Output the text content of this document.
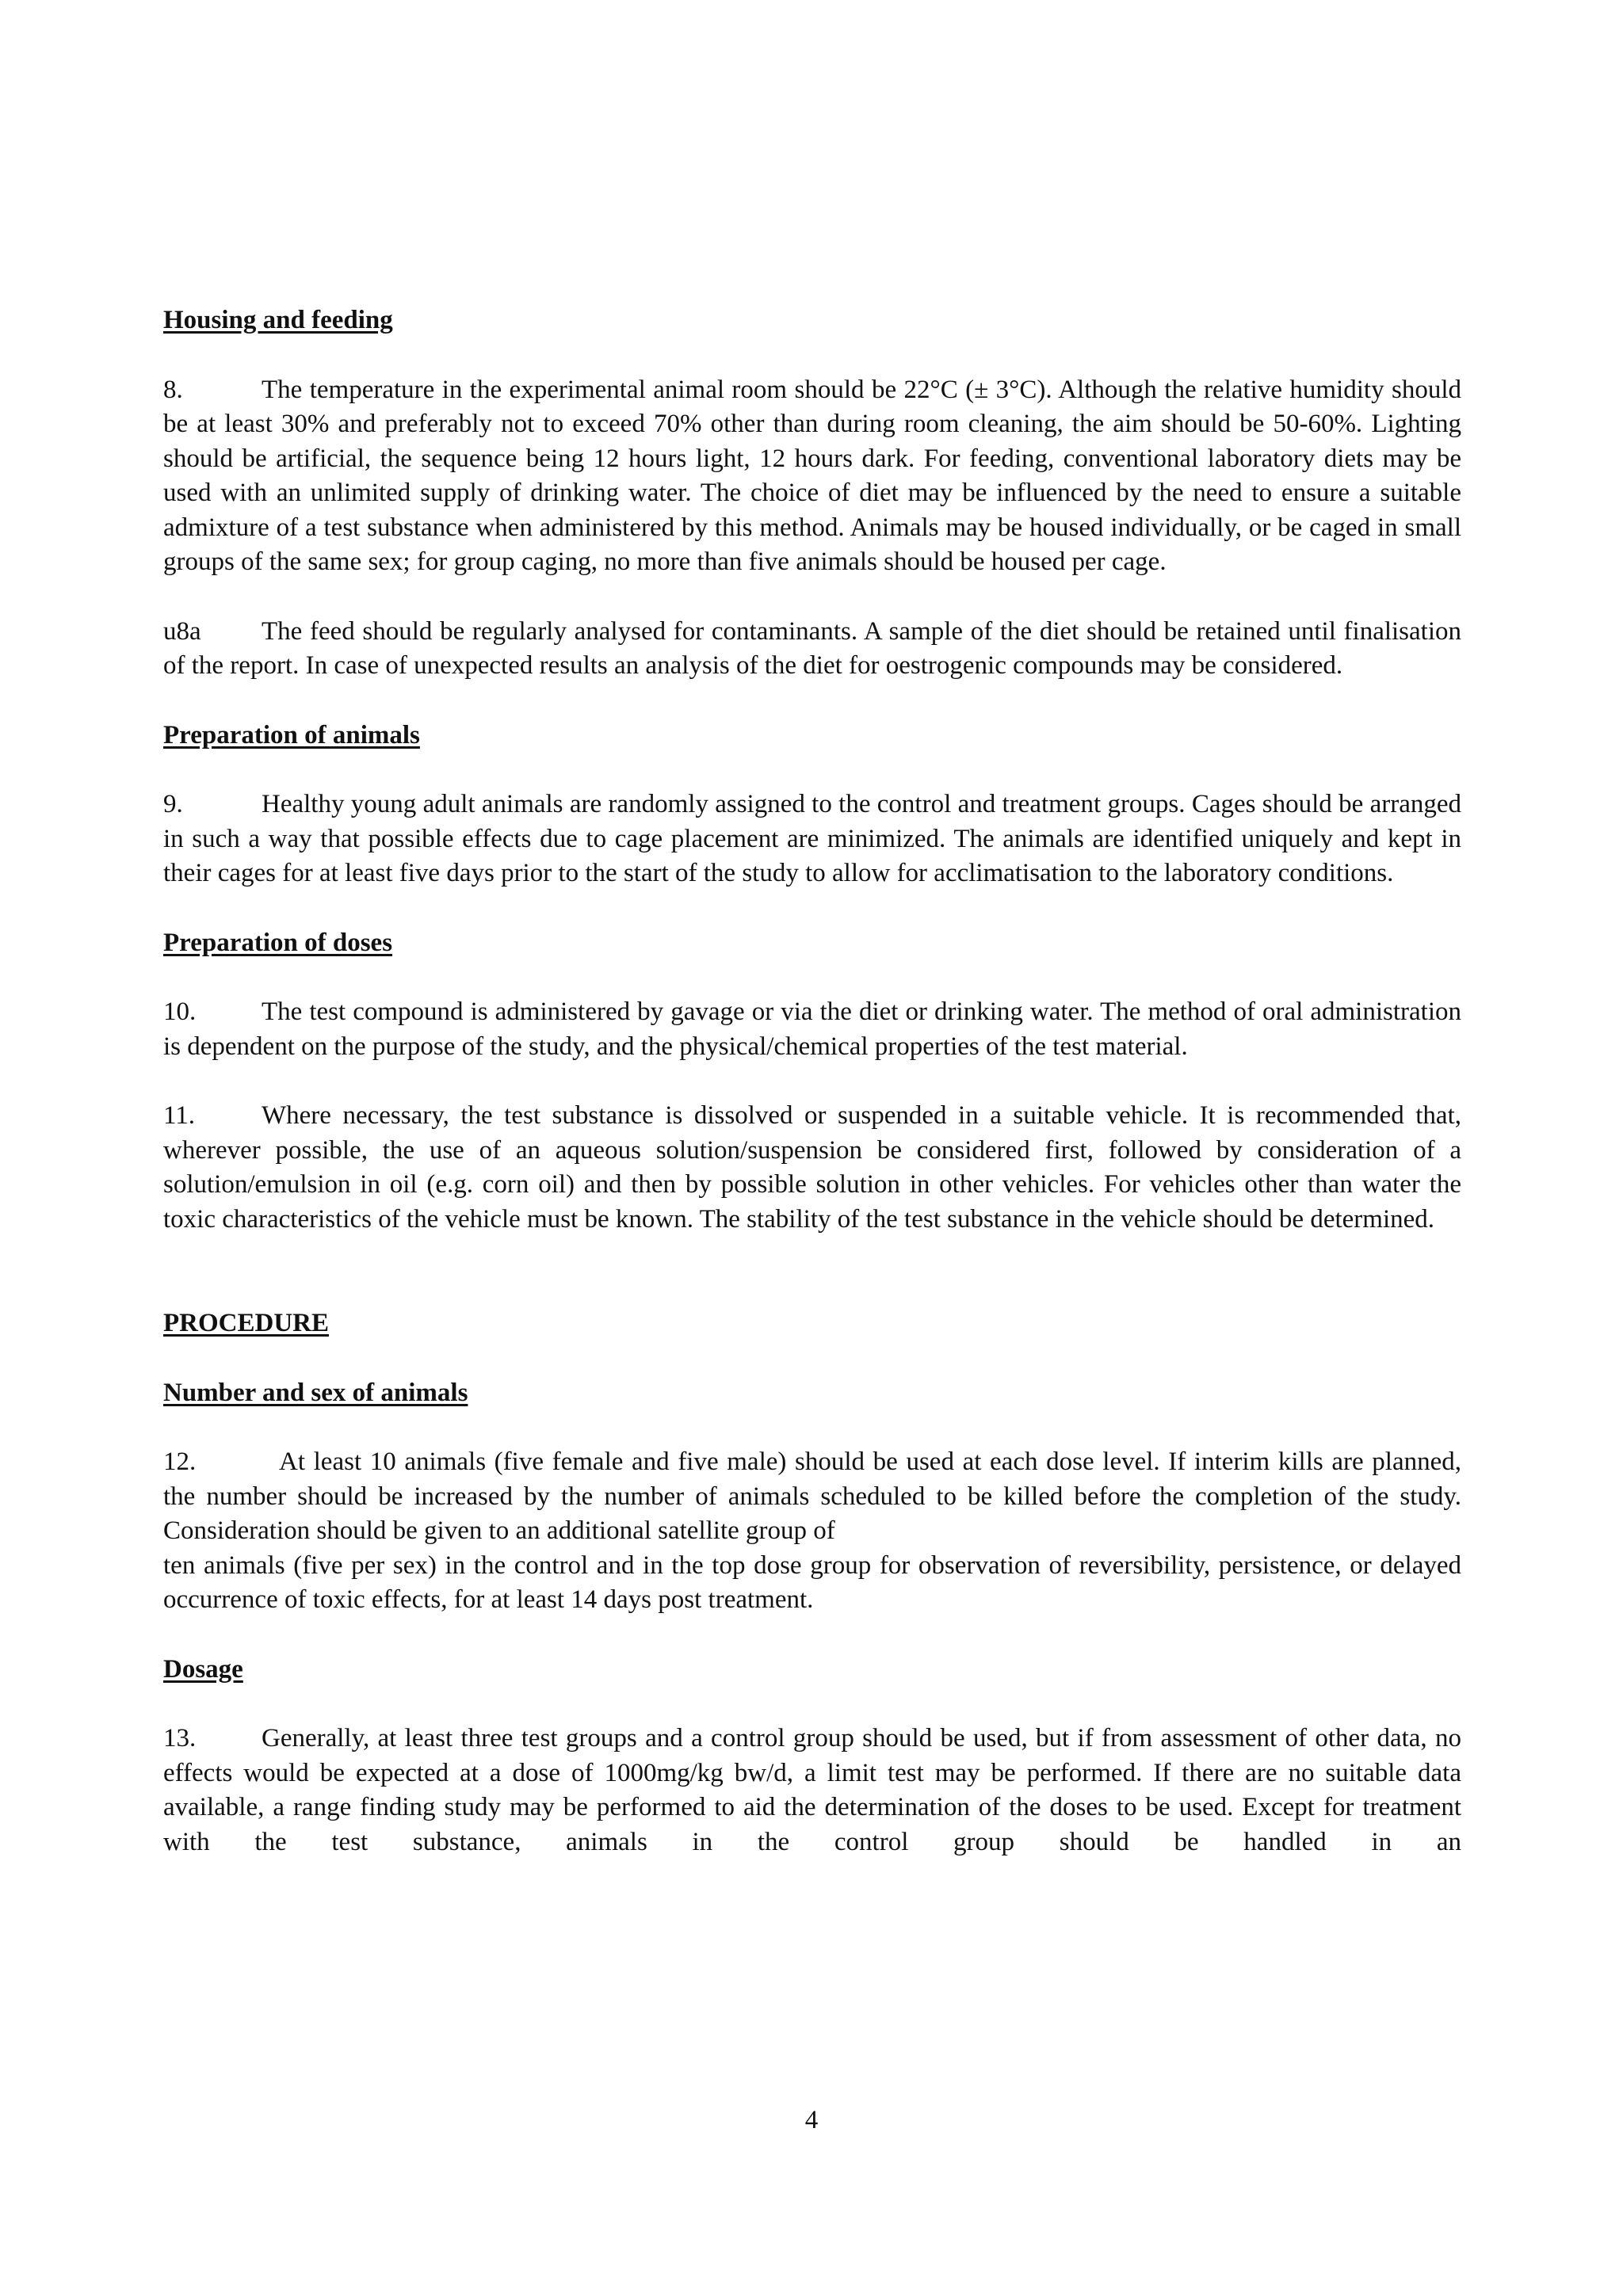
Housing and feeding

8.	The temperature in the experimental animal room should be 22°C (± 3°C). Although the relative humidity should be at least 30% and preferably not to exceed 70% other than during room cleaning, the aim should be 50-60%. Lighting should be artificial, the sequence being 12 hours light, 12 hours dark. For feeding, conventional laboratory diets may be used with an unlimited supply of drinking water. The choice of diet may be influenced by the need to ensure a suitable admixture of a test substance when administered by this method. Animals may be housed individually, or be caged in small groups of the same sex; for group caging, no more than five animals should be housed per cage.

u8a The feed should be regularly analysed for contaminants. A sample of the diet should be retained until finalisation of the report. In case of unexpected results an analysis of the diet for oestrogenic compounds may be considered.

Preparation of animals

9.	Healthy young adult animals are randomly assigned to the control and treatment groups. Cages should be arranged in such a way that possible effects due to cage placement are minimized. The animals are identified uniquely and kept in their cages for at least five days prior to the start of the study to allow for acclimatisation to the laboratory conditions.

Preparation of doses

10.	The test compound is administered by gavage or via the diet or drinking water. The method of oral administration is dependent on the purpose of the study, and the physical/chemical properties of the test material.

11.	Where necessary, the test substance is dissolved or suspended in a suitable vehicle. It is recommended that, wherever possible, the use of an aqueous solution/suspension be considered first, followed by consideration of a solution/emulsion in oil (e.g. corn oil) and then by possible solution in other vehicles. For vehicles other than water the toxic characteristics of the vehicle must be known. The stability of the test substance in the vehicle should be determined.

PROCEDURE
Number and sex of animals

12.	At least 10 animals (five female and five male) should be used at each dose level. If interim kills are planned, the number should be increased by the number of animals scheduled to be killed before the completion of the study. Consideration should be given to an additional satellite group of
ten animals (five per sex) in the control and in the top dose group for observation of reversibility, persistence, or delayed occurrence of toxic effects, for at least 14 days post treatment.

Dosage

13.	Generally, at least three test groups and a control group should be used, but if from assessment of other data, no effects would be expected at a dose of 1000mg/kg bw/d, a limit test may be performed. If there are no suitable data available, a range finding study may be performed to aid the determination of the doses to be used. Except for treatment with the test substance, animals in the control group should be handled in an

4
